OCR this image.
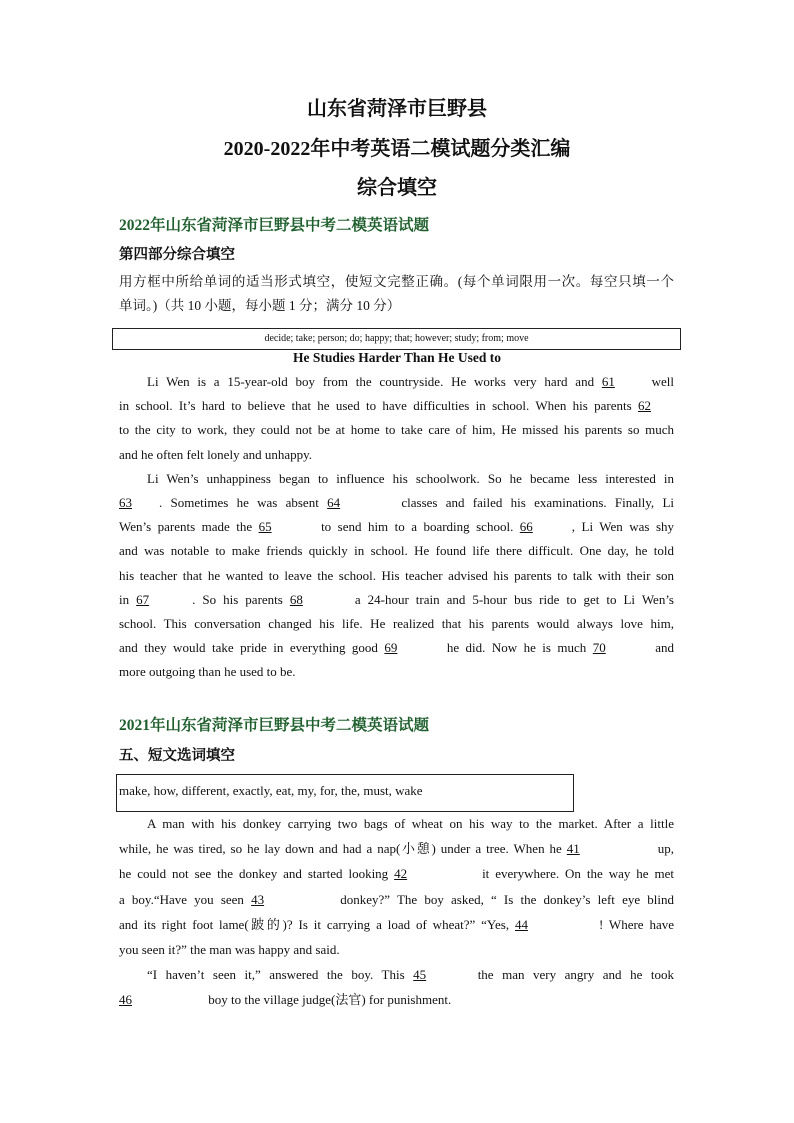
山东省菏泽市巨野县
2020-2022年中考英语二模试题分类汇编
综合填空
2022年山东省菏泽市巨野县中考二模英语试题
第四部分综合填空
用方框中所给单词的适当形式填空，使短文完整正确。(每个单词限用一次。每空只填一个
单词。)（共 10 小题，每小题 1 分；满分 10 分）
decide; take; person; do; happy; that; however; study; from; move
He Studies Harder Than He Used to
Li Wen is a 15-year-old boy from the countryside. He works very hard and 61 well
in school. It’s hard to believe that he used to have difficulties in school. When his parents 62
to the city to work, they could not be at home to take care of him, He missed his parents so much
and he often felt lonely and unhappy.
Li Wen’s unhappiness began to influence his schoolwork. So he became less interested in
63 . Sometimes he was absent 64	classes and failed his examinations. Finally, Li
Wen’s parents made the 65	to send him to a boarding school. 66	, Li Wen was shy
and was notable to make friends quickly in school. He found life there difficult. One day, he told
his teacher that he wanted to leave the school. His teacher advised his parents to talk with their son
in 67	. So his parents 68	a 24-hour train and 5-hour bus ride to get to Li Wen’s
school. This conversation changed his life. He realized that his parents would always love him,
and they would take pride in everything good 69	he did. Now he is much 70	and
more outgoing than he used to be.
2021年山东省菏泽市巨野县中考二模英语试题
五、短文选词填空
make, how, different, exactly, eat, my, for, the, must, wake
A man with his donkey carrying two bags of wheat on his way to the market. After a little
while, he was tired, so he lay down and had a nap(小憩) under a tree. When he 41	up,
he could not see the donkey and started looking 42	it everywhere. On the way he met
a boy.“Have you seen 43	donkey?” The boy asked, “ Is the donkey’s left eye blind
and its right foot lame(跛的)? Is it carrying a load of wheat?” “Yes, 44	! Where have
you seen it?” the man was happy and said.
“I haven’t seen it,” answered the boy. This 45	the man very angry and he took
46	boy to the village judge(法官) for punishment.
